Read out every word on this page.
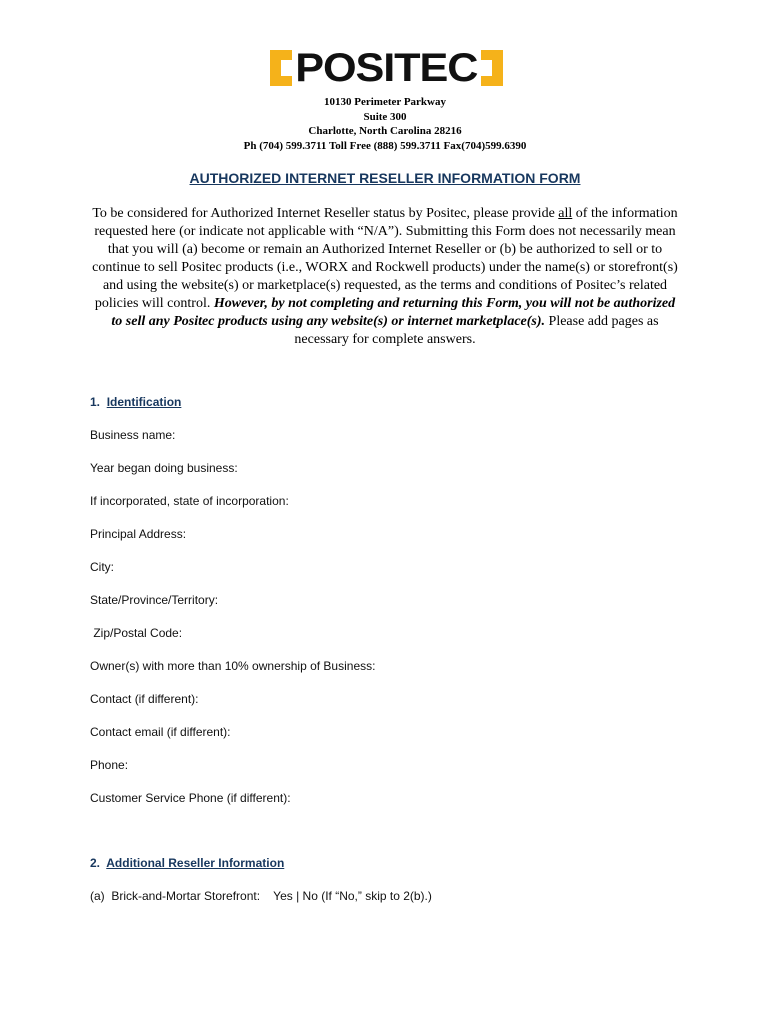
POSITEC
10130 Perimeter Parkway
Suite 300
Charlotte, North Carolina 28216
Ph (704) 599.3711 Toll Free (888) 599.3711 Fax(704)599.6390
AUTHORIZED INTERNET RESELLER INFORMATION FORM
To be considered for Authorized Internet Reseller status by Positec, please provide all of the information requested here (or indicate not applicable with “N/A”). Submitting this Form does not necessarily mean that you will (a) become or remain an Authorized Internet Reseller or (b) be authorized to sell or to continue to sell Positec products (i.e., WORX and Rockwell products) under the name(s) or storefront(s) and using the website(s) or marketplace(s) requested, as the terms and conditions of Positec’s related policies will control. However, by not completing and returning this Form, you will not be authorized to sell any Positec products using any website(s) or internet marketplace(s). Please add pages as necessary for complete answers.
1. Identification
Business name:
Year began doing business:
If incorporated, state of incorporation:
Principal Address:
City:
State/Province/Territory:
Zip/Postal Code:
Owner(s) with more than 10% ownership of Business:
Contact (if different):
Contact email (if different):
Phone:
Customer Service Phone (if different):
2. Additional Reseller Information
(a)  Brick-and-Mortar Storefront:    Yes | No (If “No,” skip to 2(b).)
